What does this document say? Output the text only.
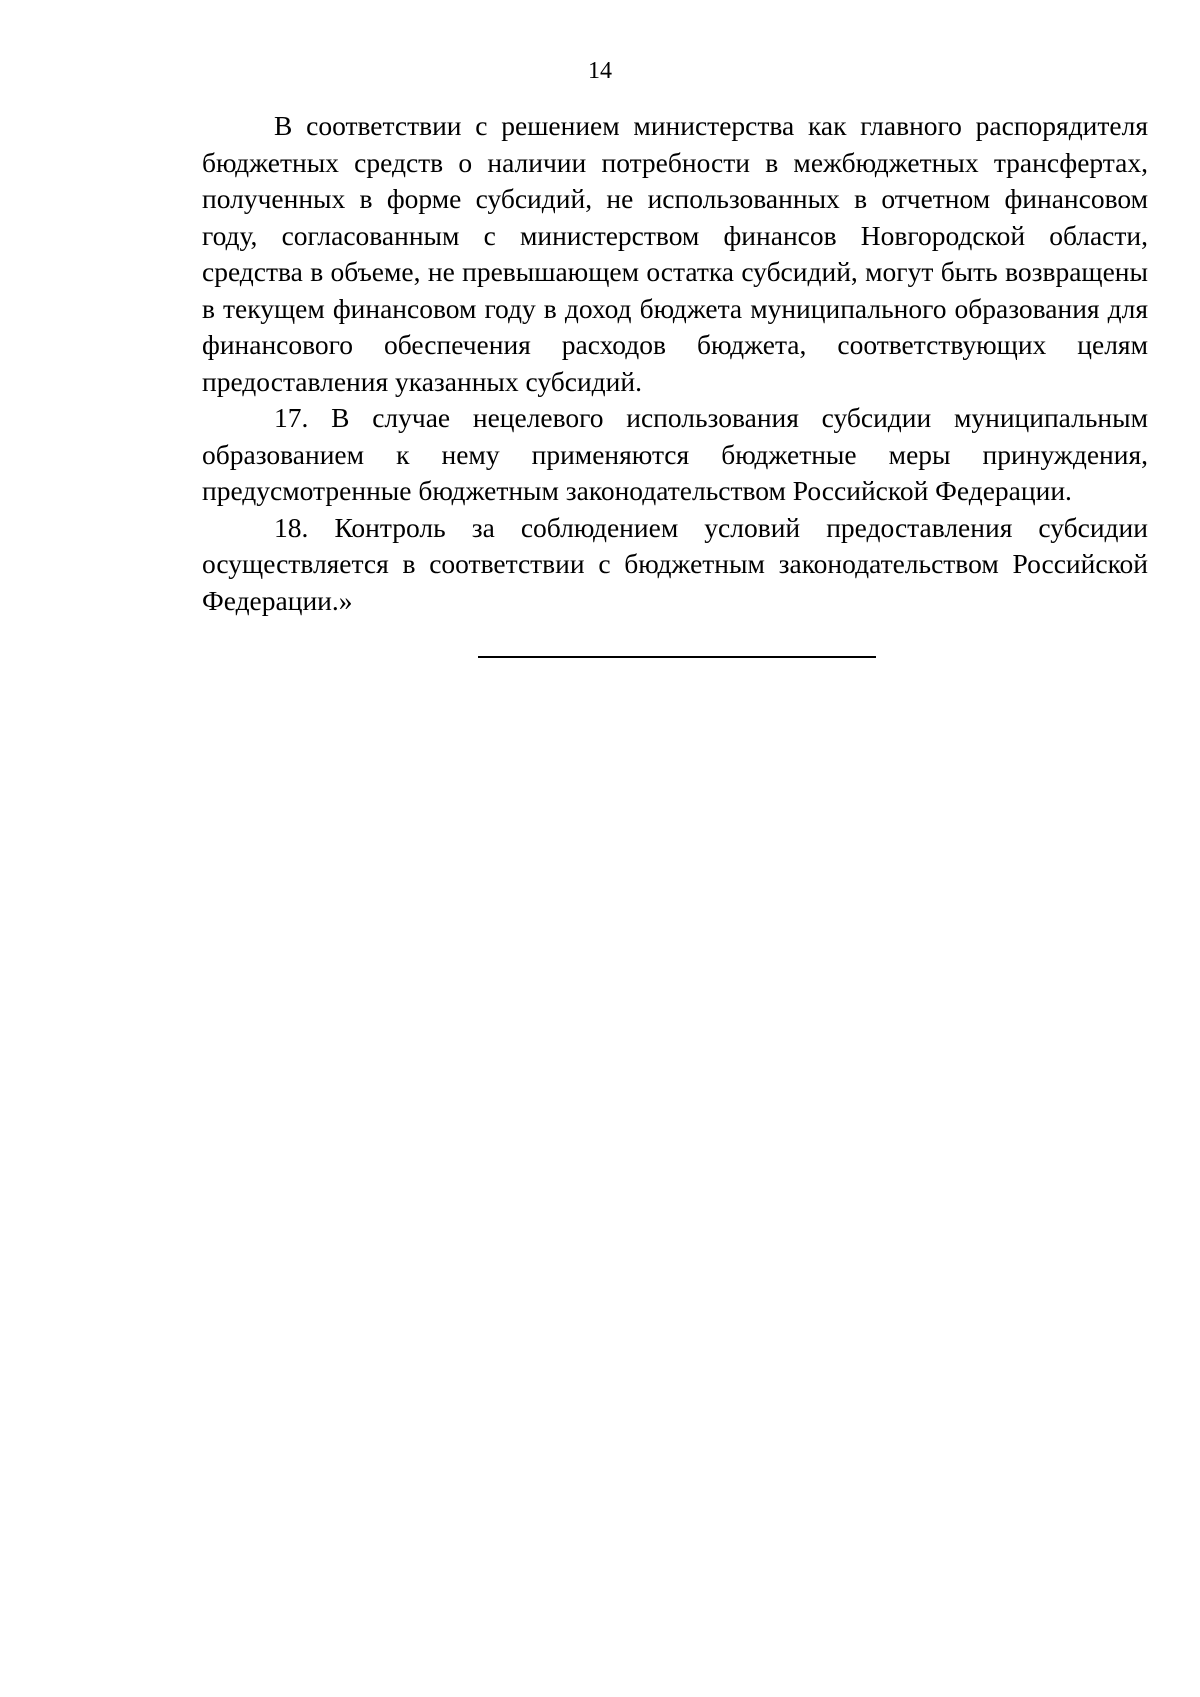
14

В соответствии с решением министерства как главного распорядителя бюджетных средств о наличии потребности в межбюджетных трансфертах, полученных в форме субсидий, не использованных в отчетном финансовом году, согласованным с министерством финансов Новгородской области, средства в объеме, не превышающем остатка субсидий, могут быть возвращены в текущем финансовом году в доход бюджета муниципального образования для финансового обеспечения расходов бюджета, соответствующих целям предоставления указанных субсидий.

17. В случае нецелевого использования субсидии муниципальным образованием к нему применяются бюджетные меры принуждения, предусмотренные бюджетным законодательством Российской Федерации.

18. Контроль за соблюдением условий предоставления субсидии осуществляется в соответствии с бюджетным законодательством Российской Федерации.»
